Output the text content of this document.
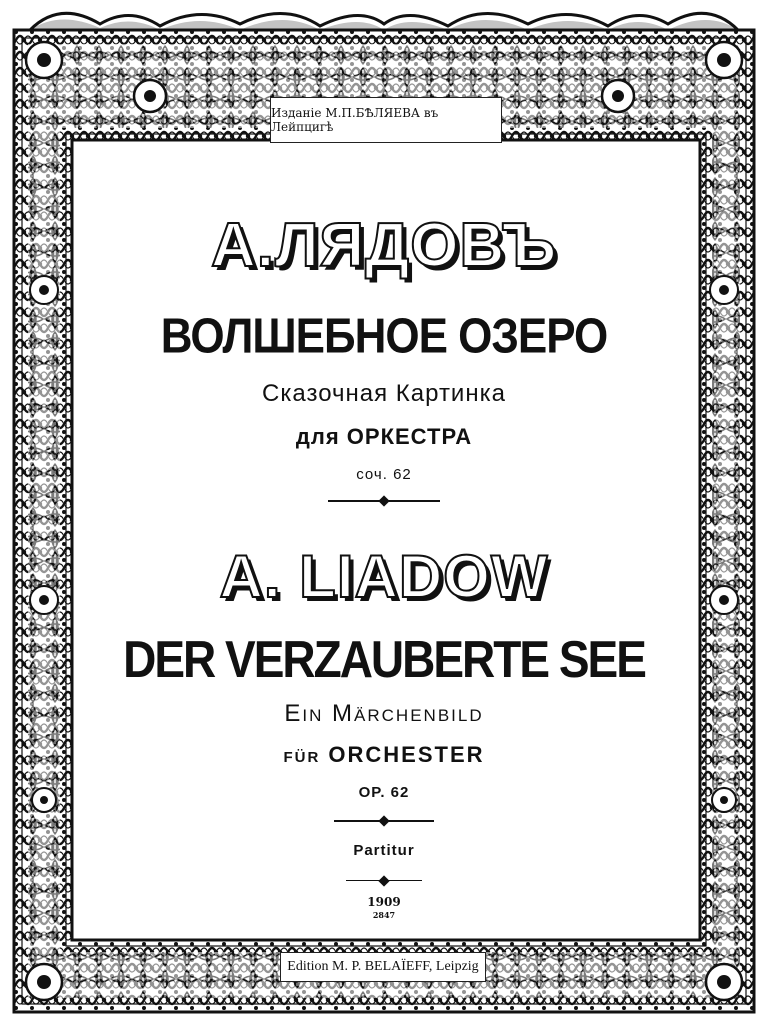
Изданіе М.П.БѢЛЯЕВА въ Лейпцигѣ
А.ЛЯДОВЪ
ВОЛШЕБНОЕ ОЗЕРО
Сказочная Картинка
для ОРКЕСТРА
соч. 62
A. LIADOW
DER VERZAUBERTE SEE
Ein Märchenbild
für ORCHESTER
OP. 62
Partitur
1909
2847
Edition M. P. BELAÏEFF, Leipzig
